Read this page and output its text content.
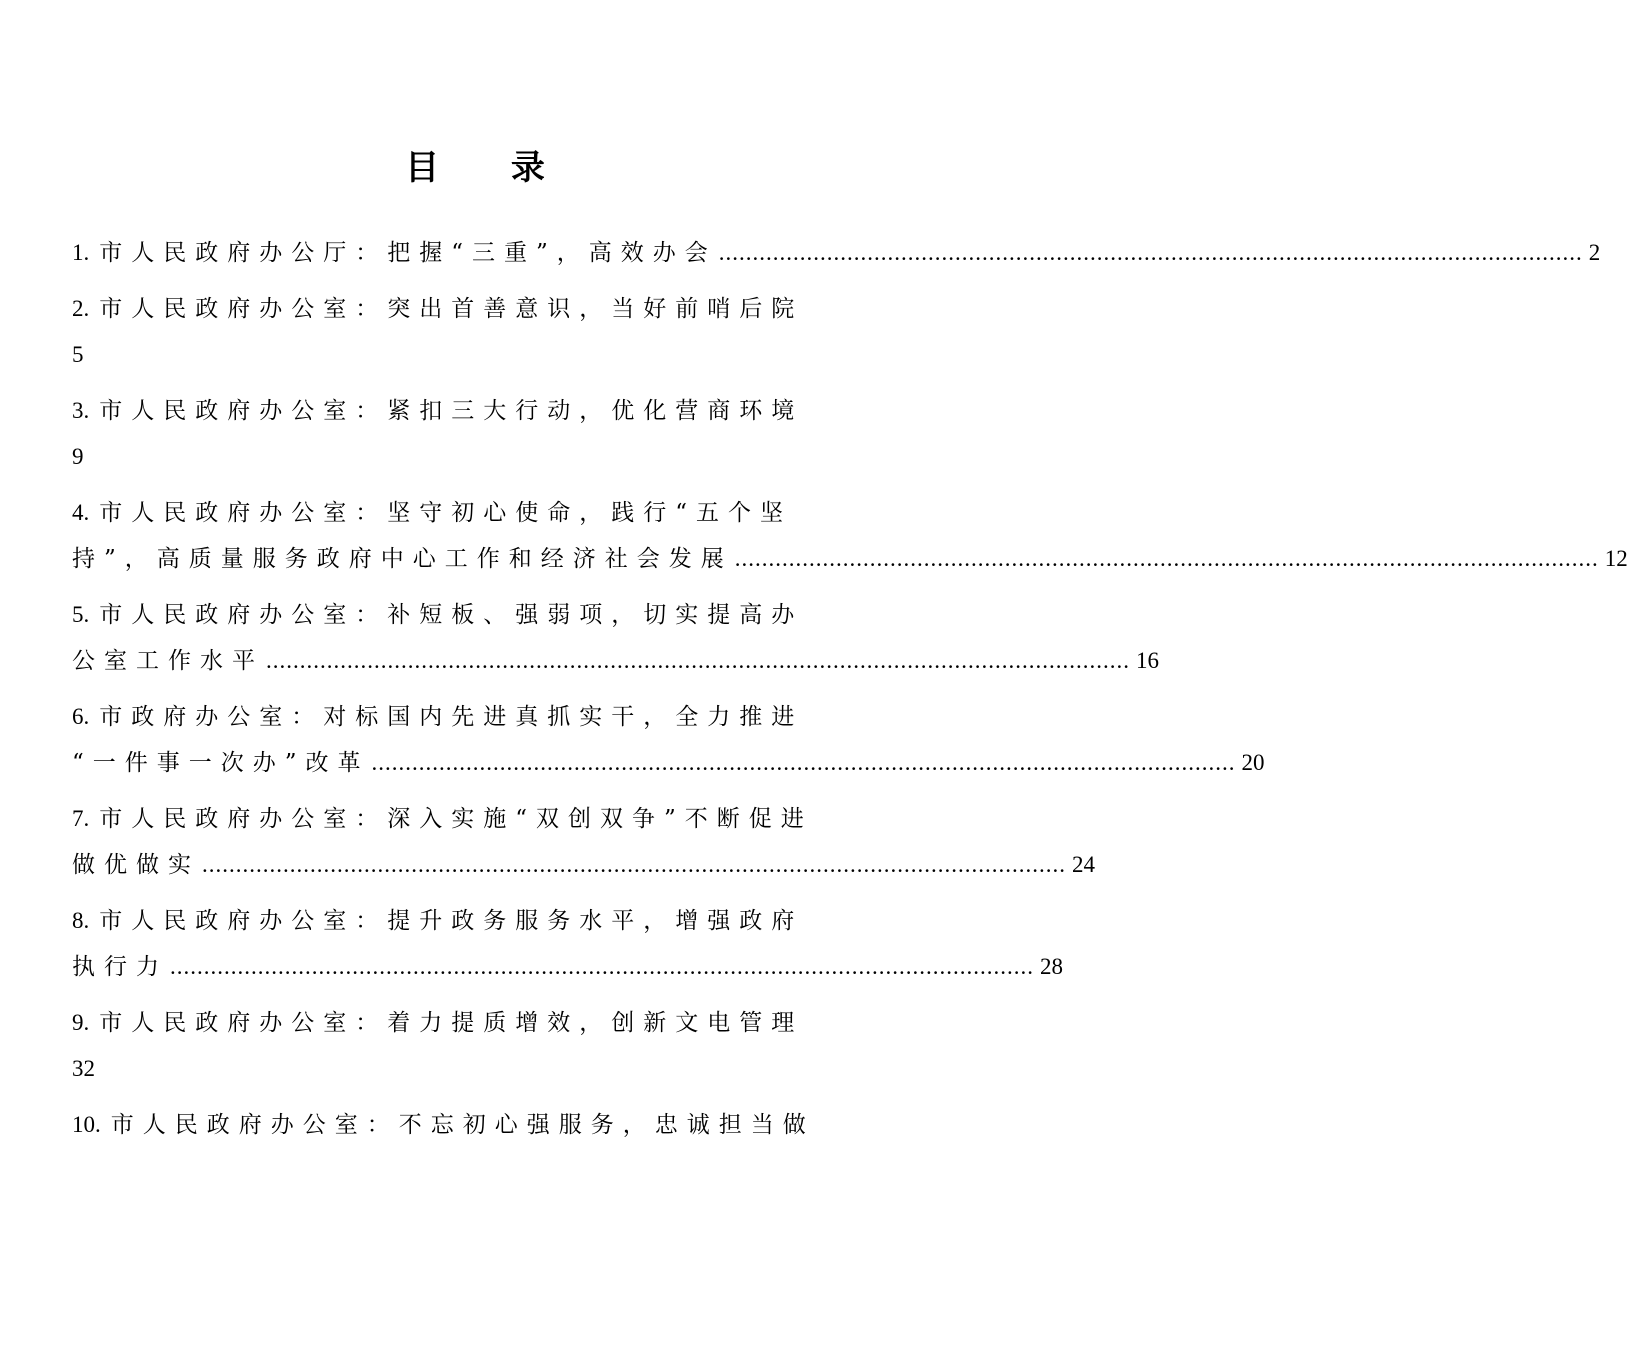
目 录
1. 市人民政府办公厅：把握“三重”，高效办会 ................................................................................................................................ 2
2. 市人民政府办公室：突出首善意识，当好前哨后院
5
3. 市人民政府办公室：紧扣三大行动，优化营商环境
9
4. 市人民政府办公室：坚守初心使命，践行“五个坚
持”，高质量服务政府中心工作和经济社会发展 ................................................................................................................................ 12
5. 市人民政府办公室：补短板、强弱项，切实提高办
公室工作水平 ................................................................................................................................ 16
6. 市政府办公室：对标国内先进真抓实干，全力推进
“一件事一次办”改革 ................................................................................................................................ 20
7. 市人民政府办公室：深入实施“双创双争”不断促进
做优做实 ................................................................................................................................ 24
8. 市人民政府办公室：提升政务服务水平，增强政府
执行力 ................................................................................................................................ 28
9. 市人民政府办公室：着力提质增效，创新文电管理
32
10. 市人民政府办公室：不忘初心强服务，忠诚担当做
